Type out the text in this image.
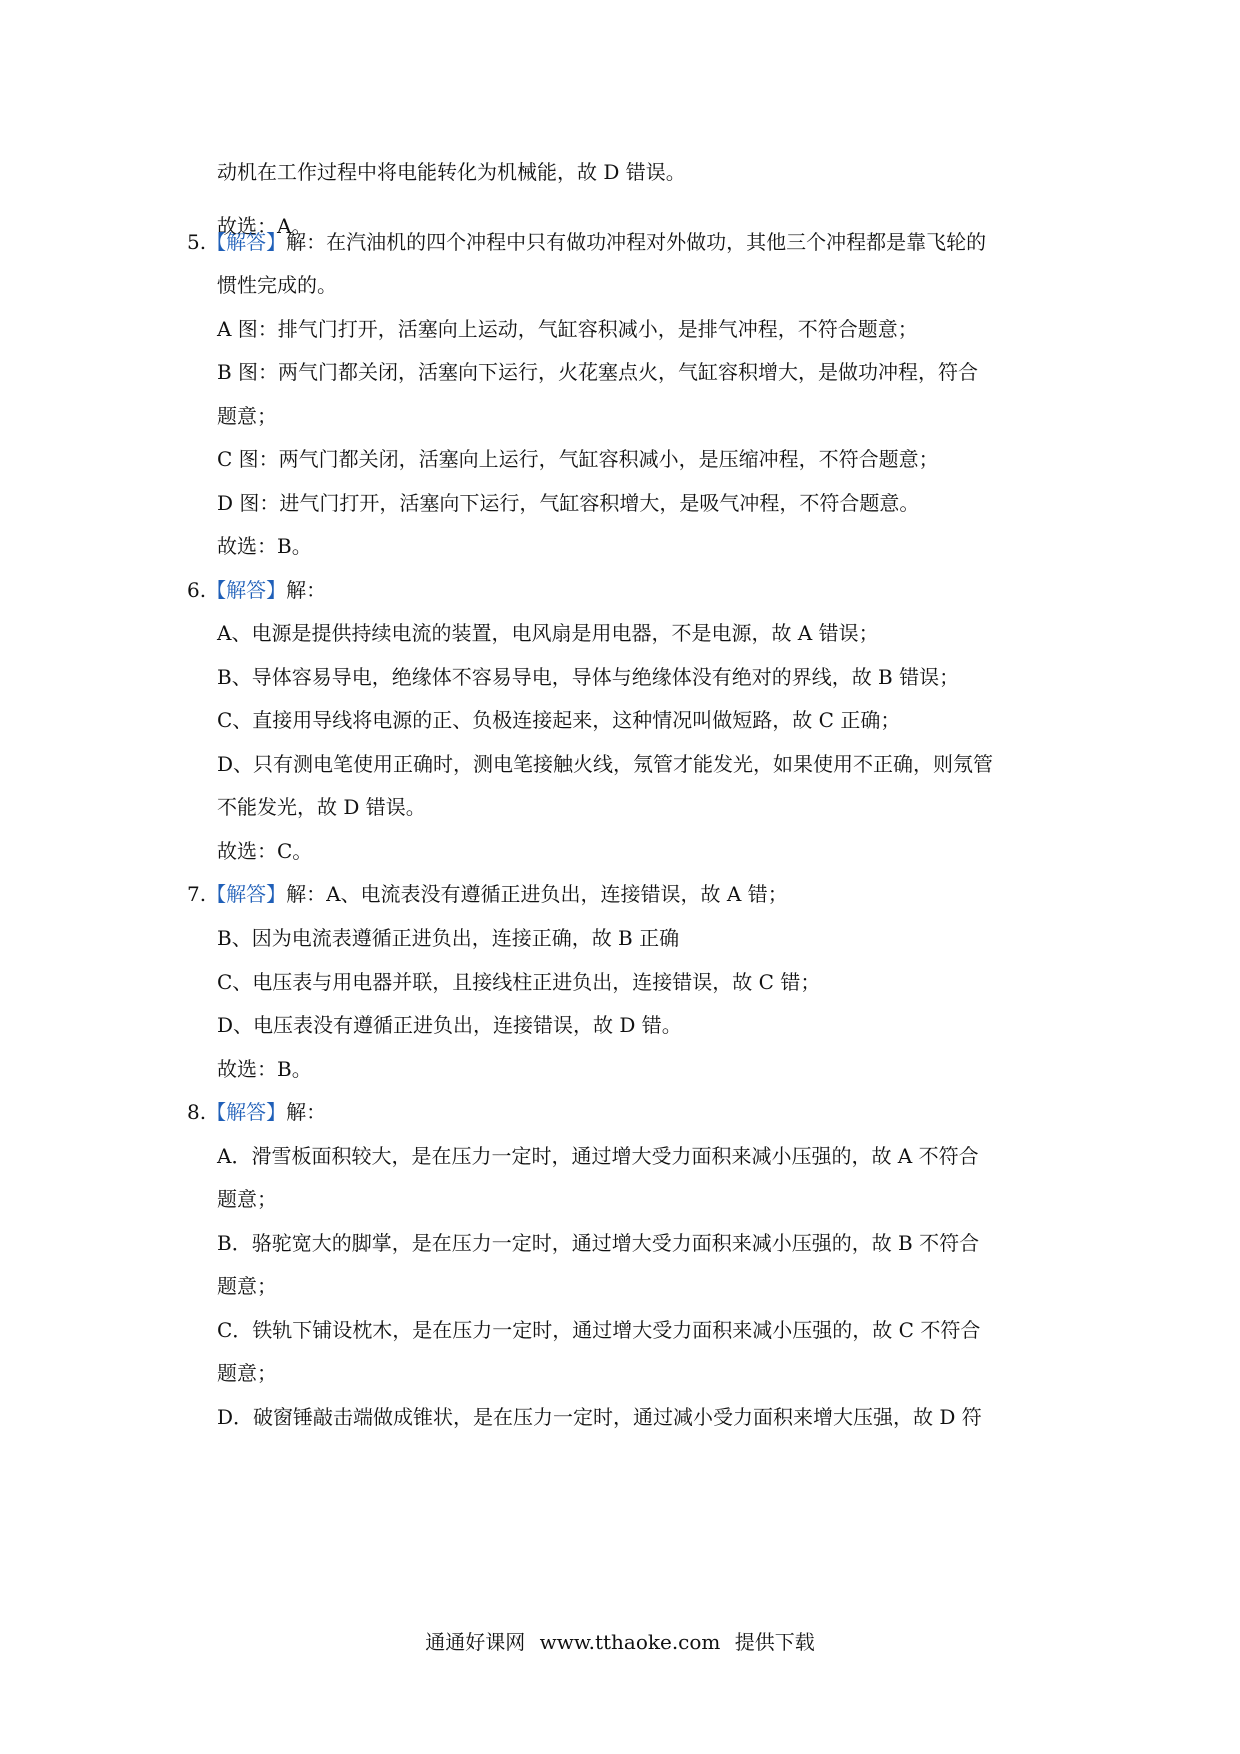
动机在工作过程中将电能转化为机械能，故 D 错误。
故选：A。
5.【解答】解：在汽油机的四个冲程中只有做功冲程对外做功，其他三个冲程都是靠飞轮的
惯性完成的。
A 图：排气门打开，活塞向上运动，气缸容积减小，是排气冲程，不符合题意；
B 图：两气门都关闭，活塞向下运行，火花塞点火，气缸容积增大，是做功冲程，符合
题意；
C 图：两气门都关闭，活塞向上运行，气缸容积减小，是压缩冲程，不符合题意；
D 图：进气门打开，活塞向下运行，气缸容积增大，是吸气冲程，不符合题意。
故选：B。
6.【解答】解：
A、电源是提供持续电流的装置，电风扇是用电器，不是电源，故 A 错误；
B、导体容易导电，绝缘体不容易导电，导体与绝缘体没有绝对的界线，故 B 错误；
C、直接用导线将电源的正、负极连接起来，这种情况叫做短路，故 C 正确；
D、只有测电笔使用正确时，测电笔接触火线，氖管才能发光，如果使用不正确，则氖管
不能发光，故 D 错误。
故选：C。
7.【解答】解：A、电流表没有遵循正进负出，连接错误，故 A 错；
B、因为电流表遵循正进负出，连接正确，故 B 正确
C、电压表与用电器并联，且接线柱正进负出，连接错误，故 C 错；
D、电压表没有遵循正进负出，连接错误，故 D 错。
故选：B。
8.【解答】解：
A．滑雪板面积较大，是在压力一定时，通过增大受力面积来减小压强的，故 A 不符合
题意；
B．骆驼宽大的脚掌，是在压力一定时，通过增大受力面积来减小压强的，故 B 不符合
题意；
C．铁轨下铺设枕木，是在压力一定时，通过增大受力面积来减小压强的，故 C 不符合
题意；
D．破窗锤敲击端做成锥状，是在压力一定时，通过减小受力面积来增大压强，故 D 符
通通好课网 www.tthaoke.com 提供下载
